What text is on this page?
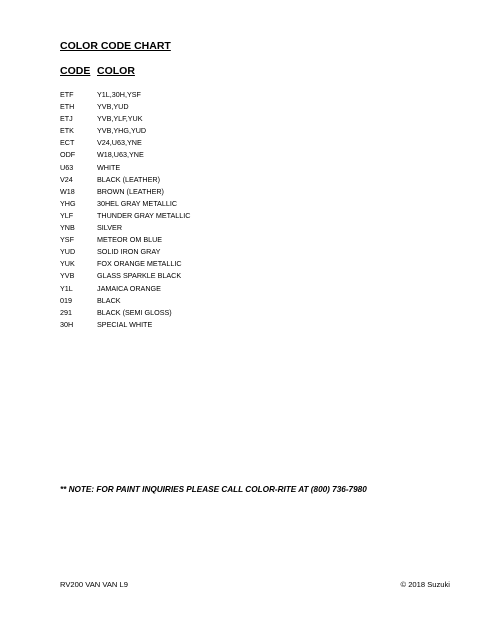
COLOR CODE CHART
CODE COLOR
ETF	Y1L,30H,YSF
ETH	YVB,YUD
ETJ	YVB,YLF,YUK
ETK	YVB,YHG,YUD
ECT	V24,U63,YNE
ODF	W18,U63,YNE
U63	WHITE
V24	BLACK (LEATHER)
W18	BROWN (LEATHER)
YHG	30HEL GRAY METALLIC
YLF	THUNDER GRAY METALLIC
YNB	SILVER
YSF	METEOR OM BLUE
YUD	SOLID IRON GRAY
YUK	FOX ORANGE METALLIC
YVB	GLASS SPARKLE BLACK
Y1L	JAMAICA ORANGE
019	BLACK
291	BLACK (SEMI GLOSS)
30H	SPECIAL WHITE
** NOTE: FOR PAINT INQUIRIES PLEASE CALL COLOR-RITE AT (800) 736-7980
RV200 VAN VAN L9	© 2018 Suzuki
